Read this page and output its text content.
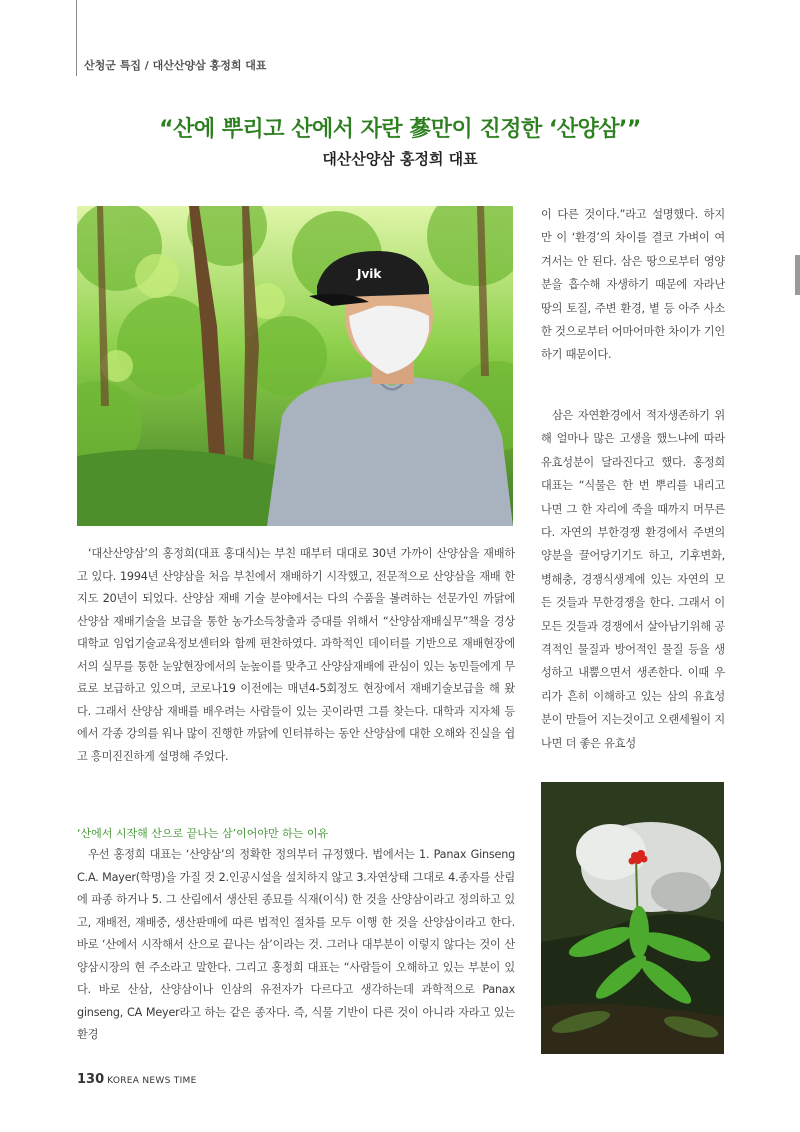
산청군 특집 / 대산산양삼 홍정희 대표
“산에 뿌리고 산에서 자란 蔘만이 진정한 ‘산양삼’”
대산산양삼 홍정희 대표
Jvik

‘대산산양삼’의 홍정희(대표 홍대식)는 부친 때부터 대대로 30년 가까이 산양삼을 재배하고 있다. 1994년 산양삼을 처음 부친에서 재배하기 시작했고, 전문적으로 산양삼을 재배 한 지도 20년이 되었다. 산양삼 재배 기술 분야에서는 다의 수품을 볼려하는 선문가인 까닭에 산양삼 재배기술을 보급을 통한 농가소득창출과 증대를 위해서 “산양삼재배실무”책을 경상대학교 임업기술교육정보센터와 함께 편찬하였다. 과학적인 데이터를 기반으로 재배현장에서의 실무를 통한 눈앞현장에서의 눈높이를 맞추고 산양삼재배에 관심이 있는 농민들에게 무료로 보급하고 있으며, 코로나19 이전에는 매년4-5회정도 현장에서 재배기술보급을 해 왔다. 그래서 산양삼 재배를 배우려는 사람들이 있는 곳이라면 그를 찾는다. 대학과 지자체 등에서 각종 강의를 워나 많이 진행한 까닭에 인터뷰하는 동안 산양삼에 대한 오해와 진실을 쉽고 흥미진진하게 설명해 주었다.

‘산에서 시작해 산으로 끝나는 삼’이어야만 하는 이유

우선 홍정희 대표는 ‘산양삼’의 정확한 정의부터 규정했다. 법에서는 1. Panax Ginseng C.A. Mayer(학명)을 가질 것 2.인공시설을 설치하지 않고 3.자연상태 그대로 4.종자를 산림에 파종 하거나 5. 그 산림에서 생산된 종묘를 식재(이식) 한 것을 산양삼이라고 정의하고 있고, 재배전, 재배중, 생산판매에 따른 법적인 절차를 모두 이행 한 것을 산양삼이라고 한다. 바로 ‘산에서 시작해서 산으로 끝나는 삼’이라는 것. 그러나 대부분이 이렇지 않다는 것이 산양삼시장의 현 주소라고 말한다. 그리고 홍정희 대표는 “사람들이 오해하고 있는 부분이 있다. 바로 산삼, 산양삼이나 인삼의 유전자가 다르다고 생각하는데 과학적으로 Panax ginseng, CA Meyer라고 하는 같은 종자다. 즉, 식물 기반이 다른 것이 아니라 자라고 있는 환경

이 다른 것이다.”라고 설명했다. 하지만 이 ‘환경’의 차이를 결코 가벼이 여겨서는 안 된다. 삼은 땅으로부터 영양분을 흡수해 자생하기 때문에 자라난 땅의 토질, 주변 환경, 볕 등 아주 사소한 것으로부터 어마어마한 차이가 기인하기 때문이다.

삼은 자연환경에서 적자생존하기 위해 얼마나 많은 고생을 했느냐에 따라 유효성분이 달라진다고 했다. 홍정희 대표는 “식물은 한 번 뿌리를 내리고 나면 그 한 자리에 죽을 때까지 머무른다. 자연의 부한경쟁 환경에서 주변의 양분을 끌어당기기도 하고, 기후변화, 병해충, 경쟁식생계에 있는 자연의 모든 것들과 무한경쟁을 한다. 그래서 이 모든 것들과 경쟁에서 살아남기위해 공격적인 물질과 방어적인 물질 등을 생성하고 내뿜으면서 생존한다. 이때 우리가 흔히 이해하고 있는 삼의 유효성분이 만들어 지는것이고 오랜세월이 지나면 더 좋은 유효성

130 KOREA NEWS TIME
